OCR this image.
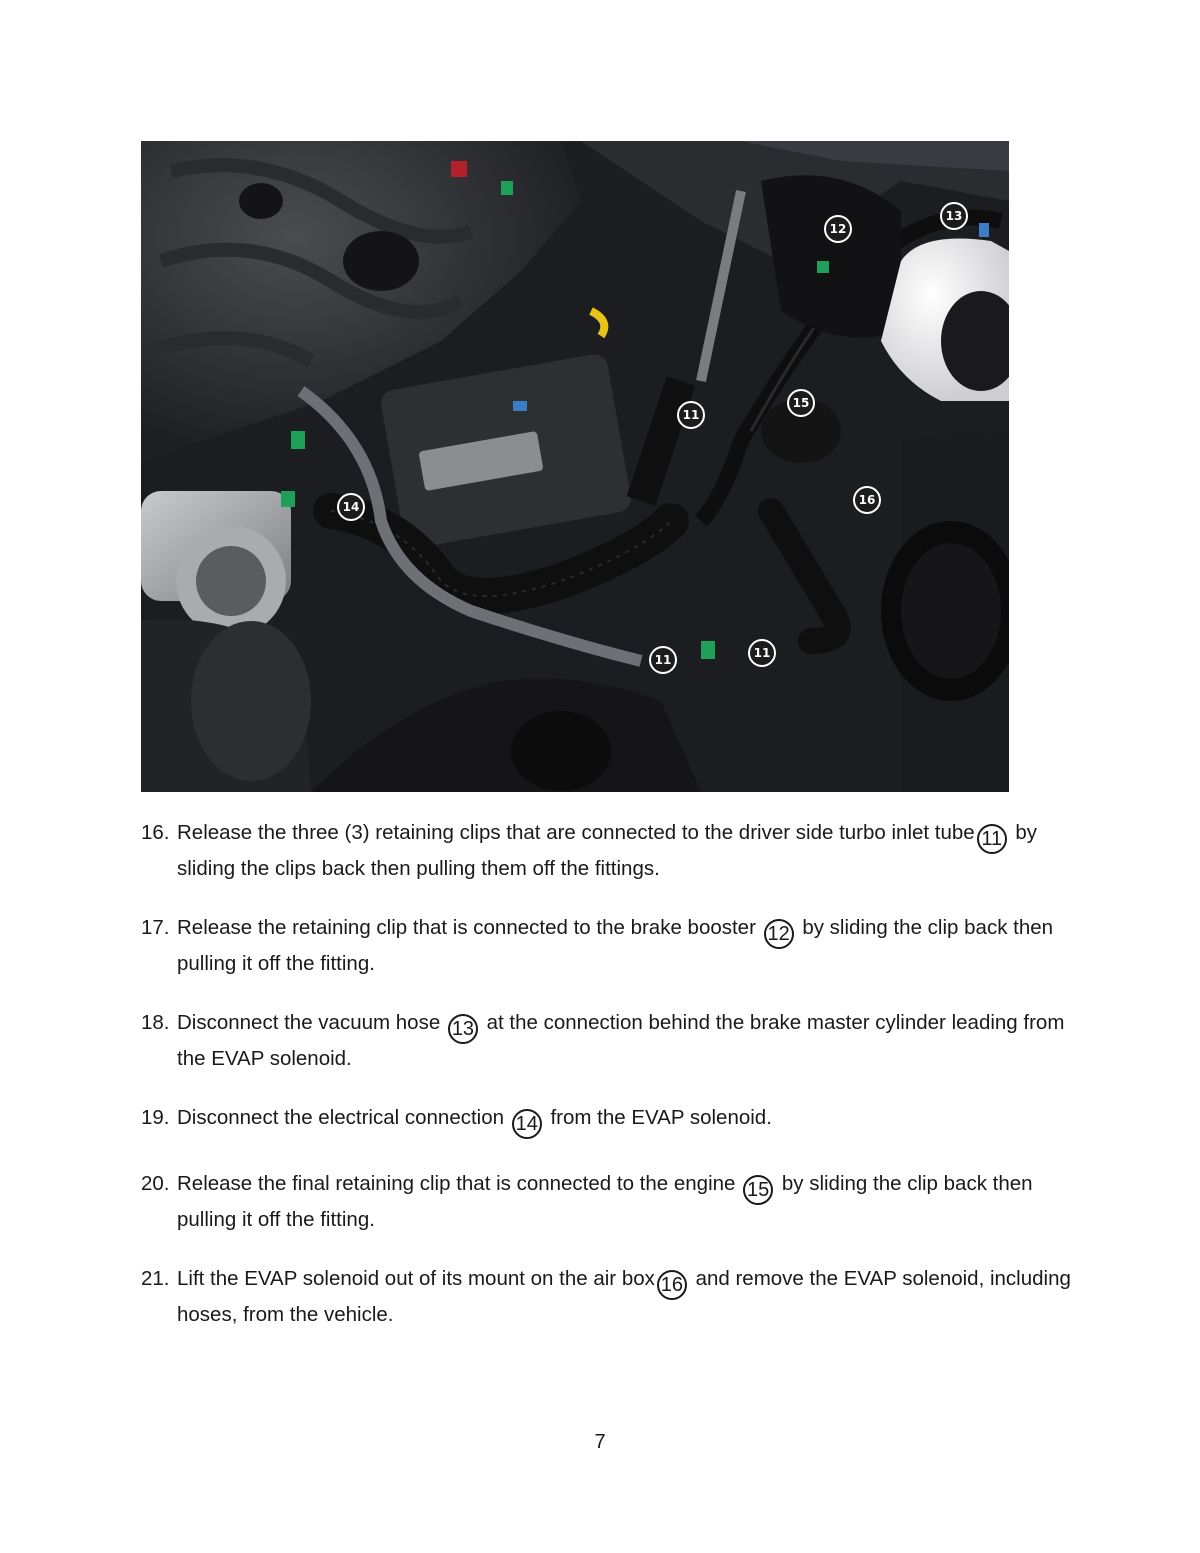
11
11	11
12
13
14
15
16
16. Release the three (3) retaining clips that are connected to the driver side turbo inlet tube 11 by sliding the clips back then pulling them off the fittings.
17. Release the retaining clip that is connected to the brake booster 12 by sliding the clip back then pulling it off the fitting.
18. Disconnect the vacuum hose 13 at the connection behind the brake master cylinder leading from the EVAP solenoid.
19. Disconnect the electrical connection 14 from the EVAP solenoid.
20. Release the final retaining clip that is connected to the engine 15 by sliding the clip back then pulling it off the fitting.
21. Lift the EVAP solenoid out of its mount on the air box 16 and remove the EVAP solenoid, including hoses, from the vehicle.
7
